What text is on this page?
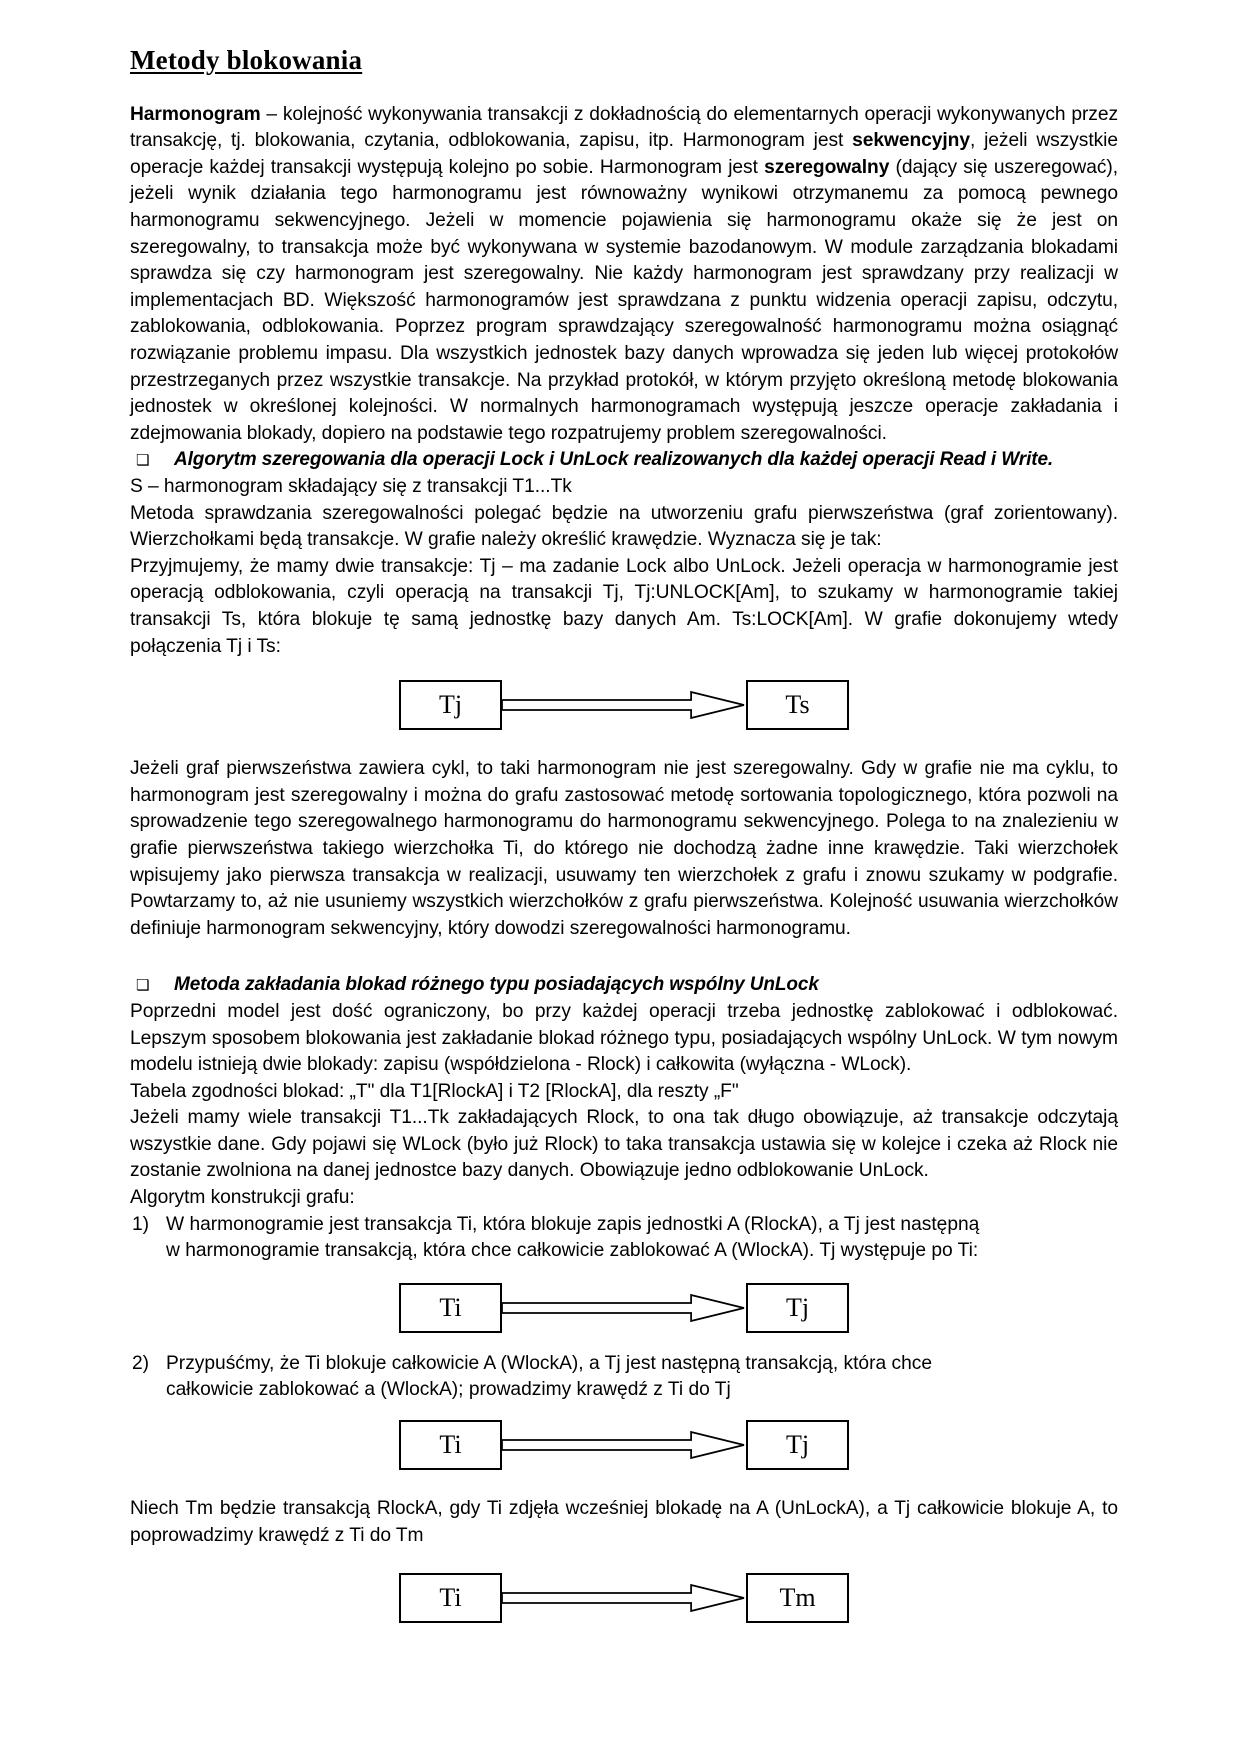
Metody blokowania

Harmonogram – kolejność wykonywania transakcji z dokładnością do elementarnych operacji wykonywanych przez transakcję, tj. blokowania, czytania, odblokowania, zapisu, itp. Harmonogram jest sekwencyjny, jeżeli wszystkie operacje każdej transakcji występują kolejno po sobie. Harmonogram jest szeregowalny (dający się uszeregować), jeżeli wynik działania tego harmonogramu jest równoważny wynikowi otrzymanemu za pomocą pewnego harmonogramu sekwencyjnego. Jeżeli w momencie pojawienia się harmonogramu okaże się że jest on szeregowalny, to transakcja może być wykonywana w systemie bazodanowym. W module zarządzania blokadami sprawdza się czy harmonogram jest szeregowalny. Nie każdy harmonogram jest sprawdzany przy realizacji w implementacjach BD. Większość harmonogramów jest sprawdzana z punktu widzenia operacji zapisu, odczytu, zablokowania, odblokowania. Poprzez program sprawdzający szeregowalność harmonogramu można osiągnąć rozwiązanie problemu impasu. Dla wszystkich jednostek bazy danych wprowadza się jeden lub więcej protokołów przestrzeganych przez wszystkie transakcje. Na przykład protokół, w którym przyjęto określoną metodę blokowania jednostek w określonej kolejności. W normalnych harmonogramach występują jeszcze operacje zakładania i zdejmowania blokady, dopiero na podstawie tego rozpatrujemy problem szeregowalności.

❏	Algorytm szeregowania dla operacji Lock i UnLock realizowanych dla każdej operacji Read i Write.

S – harmonogram składający się z transakcji T1...Tk

Metoda sprawdzania szeregowalności polegać będzie na utworzeniu grafu pierwszeństwa (graf zorientowany). Wierzchołkami będą transakcje. W grafie należy określić krawędzie. Wyznacza się je tak:

Przyjmujemy, że mamy dwie transakcje: Tj – ma zadanie Lock albo UnLock. Jeżeli operacja w harmonogramie jest operacją odblokowania, czyli operacją na transakcji Tj, Tj:UNLOCK[Am], to szukamy w harmonogramie takiej transakcji Ts, która blokuje tę samą jednostkę bazy danych Am. Ts:LOCK[Am]. W grafie dokonujemy wtedy połączenia Tj i Ts:

Tj	Ts

Jeżeli graf pierwszeństwa zawiera cykl, to taki harmonogram nie jest szeregowalny. Gdy w grafie nie ma cyklu, to harmonogram jest szeregowalny i można do grafu zastosować metodę sortowania topologicznego, która pozwoli na sprowadzenie tego szeregowalnego harmonogramu do harmonogramu sekwencyjnego. Polega to na znalezieniu w grafie pierwszeństwa takiego wierzchołka Ti, do którego nie dochodzą żadne inne krawędzie. Taki wierzchołek wpisujemy jako pierwsza transakcja w realizacji, usuwamy ten wierzchołek z grafu i znowu szukamy w podgrafie. Powtarzamy to, aż nie usuniemy wszystkich wierzchołków z grafu pierwszeństwa. Kolejność usuwania wierzchołków definiuje harmonogram sekwencyjny, który dowodzi szeregowalności harmonogramu.

❏	Metoda zakładania blokad różnego typu posiadających wspólny UnLock

Poprzedni model jest dość ograniczony, bo przy każdej operacji trzeba jednostkę zablokować i odblokować. Lepszym sposobem blokowania jest zakładanie blokad różnego typu, posiadających wspólny UnLock. W tym nowym modelu istnieją dwie blokady: zapisu (współdzielona - Rlock) i całkowita (wyłączna - WLock).

Tabela zgodności blokad: „T" dla T1[RlockA] i T2 [RlockA], dla reszty „F"

Jeżeli mamy wiele transakcji T1...Tk zakładających Rlock, to ona tak długo obowiązuje, aż transakcje odczytają wszystkie dane. Gdy pojawi się WLock (było już Rlock) to taka transakcja ustawia się w kolejce i czeka aż Rlock nie zostanie zwolniona na danej jednostce bazy danych. Obowiązuje jedno odblokowanie UnLock.

Algorytm konstrukcji grafu:

1) W harmonogramie jest transakcja Ti, która blokuje zapis jednostki A (RlockA), a Tj jest następną
w harmonogramie transakcją, która chce całkowicie zablokować A (WlockA). Tj występuje po Ti:
Ti	Tj
2) Przypuśćmy, że Ti blokuje całkowicie A (WlockA), a Tj jest następną transakcją, która chce
całkowicie zablokować a (WlockA); prowadzimy krawędź z Ti do Tj
Ti	Tj

Niech Tm będzie transakcją RlockA, gdy Ti zdjęła wcześniej blokadę na A (UnLockA), a Tj całkowicie blokuje A, to poprowadzimy krawędź z Ti do Tm

Ti	Tm
